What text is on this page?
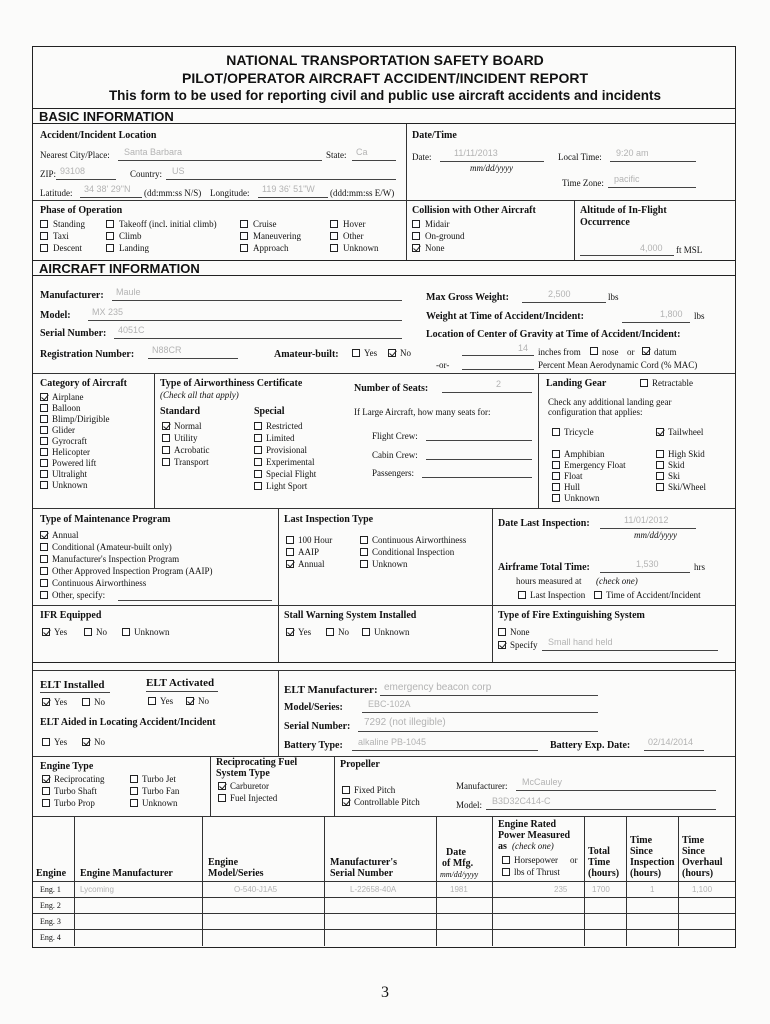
NATIONAL TRANSPORTATION SAFETY BOARD
PILOT/OPERATOR AIRCRAFT ACCIDENT/INCIDENT REPORT
This form to be used for reporting civil and public use aircraft accidents and incidents
BASIC INFORMATION
Accident/Incident Location
Nearest City/Place: Santa Barbara	State: Ca
ZIP: 93108	Country: US
Latitude: 34 38' 29"N (dd:mm:ss N/S) Longitude: 119 36' 51"W (ddd:mm:ss E/W)
Date/Time
Date:	11/11/2013
mm/dd/yyyy
Local Time: 9:20 am
Time Zone: pacific
Phase of Operation
Standing
Taxi
Descent
Takeoff (incl. initial climb)
Climb
Landing
Cruise
Maneuvering
Approach
Hover
Other
Unknown
Collision with Other Aircraft
Midair
On-ground
None
Altitude of In-Flight
Occurrence
4,000 ft MSL
AIRCRAFT INFORMATION
Manufacturer: Maule
Model: MX 235
Serial Number: 4051C
Registration Number: N88CR	Amateur-built:	Yes	No
Max Gross Weight:	2,500	lbs
Weight at Time of Accident/Incident:	1,800 lbs
Location of Center of Gravity at Time of Accident/Incident:
14 inches from nose or datum
-or-	Percent Mean Aerodynamic Cord (% MAC)
Category of Aircraft
Airplane
Balloon
Blimp/Dirigible
Glider
Gyrocraft
Helicopter
Powered lift
Ultralight
Unknown
Type of Airworthiness Certificate
(Check all that apply)
Standard
Normal
Utility
Acrobatic
Transport
Special
Restricted
Limited
Provisional
Experimental
Special Flight
Light Sport
Number of Seats:	2
If Large Aircraft, how many seats for:
Flight Crew:
Cabin Crew:
Passengers:
Landing Gear	Retractable
Check any additional landing gear
configuration that applies:
Tricycle
Amphibian
Emergency Float
Float
Hull
Unknown
Tailwheel
High Skid
Skid
Ski
Ski/Wheel
Type of Maintenance Program
Annual
Conditional (Amateur-built only)
Manufacturer's Inspection Program
Other Approved Inspection Program (AAIP)
Continuous Airworthiness
Other, specify:
Last Inspection Type
100 Hour
AAIP
Annual
Continuous Airworthiness
Conditional Inspection
Unknown
Date Last Inspection:	11/01/2012
mm/dd/yyyy
Airframe Total Time:	1,530	hrs
hours measured at (check one)
Last Inspection Time of Accident/Incident
IFR Equipped
Yes	No	Unknown
Stall Warning System Installed
Yes	No	Unknown
Type of Fire Extinguishing System
None
Specify Small hand held
ELT Installed	ELT Activated
Yes	No	Yes	No
ELT Aided in Locating Accident/Incident
Yes	No
ELT Manufacturer: emergency beacon corp
Model/Series:	EBC-102A
Serial Number: 7292 (not illegible)
Battery Type: alkaline PB-1045	Battery Exp. Date: 02/14/2014
Engine Type
Reciprocating
Turbo Shaft
Turbo Prop
Turbo Jet
Turbo Fan
Unknown
Reciprocating Fuel
System Type
Carburetor
Fuel Injected
Propeller
Fixed Pitch
Controllable Pitch
Manufacturer: McCauley
Model: B3D32C414-C
Engine Engine Manufacturer
Engine
Model/Series
Manufacturer's
Serial Number
Date
of Mfg.
mm/dd/yyyy
Engine Rated
Power Measured
as (check one)
Horsepower or
lbs of Thrust
Total
Time
(hours)
Time
Since
Inspection
(hours)
Time
Since
Overhaul
(hours)
Eng. 1 Lycoming	O-540-J1A5	L-22658-40A	1981	235	1700	1	1,100
Eng. 2
Eng. 3
Eng. 4
3
